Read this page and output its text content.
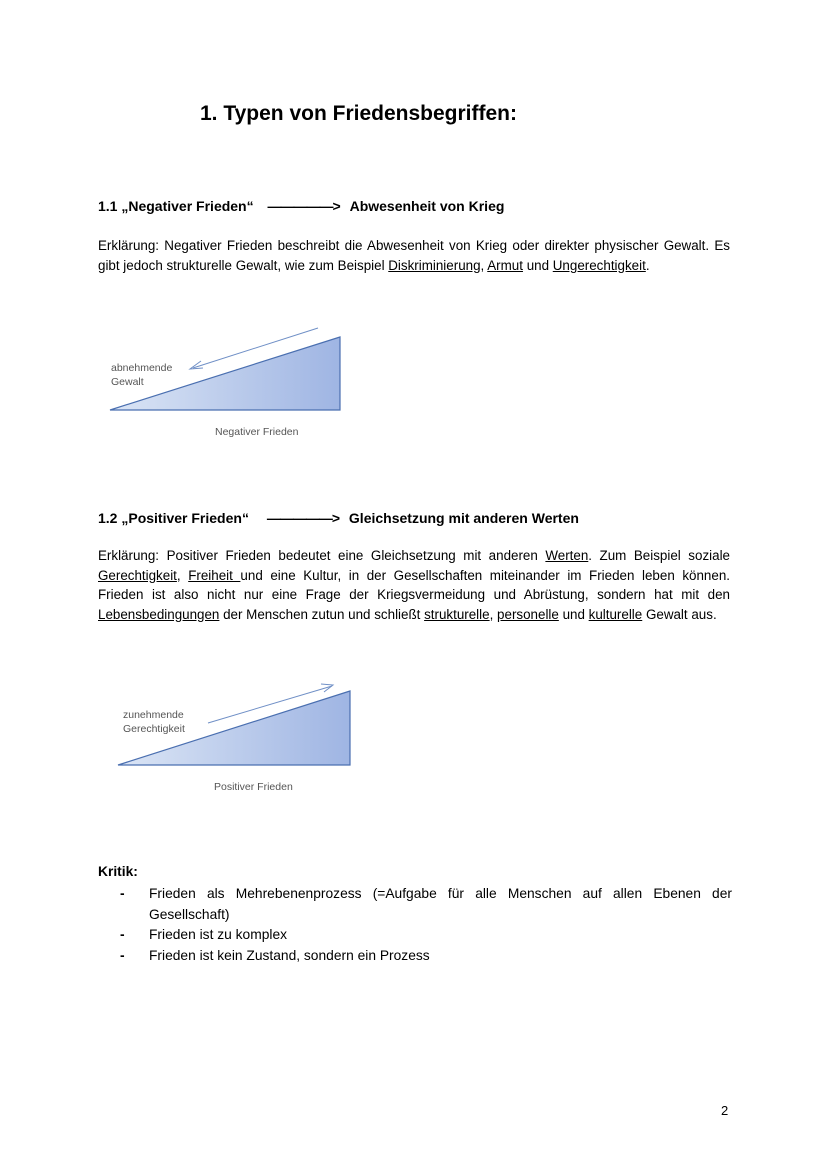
1. Typen von Friedensbegriffen:
1.1 „Negativer Frieden“ —————> Abwesenheit von Krieg
Erklärung: Negativer Frieden beschreibt die Abwesenheit von Krieg oder direkter physischer Gewalt. Es gibt jedoch strukturelle Gewalt, wie zum Beispiel Diskriminierung, Armut und Ungerechtigkeit.
abnehmende
Gewalt
Negativer Frieden
1.2 „Positiver Frieden“ —————> Gleichsetzung mit anderen Werten
Erklärung: Positiver Frieden bedeutet eine Gleichsetzung mit anderen Werten. Zum Beispiel soziale Gerechtigkeit, Freiheit und eine Kultur, in der Gesellschaften miteinander im Frieden leben können. Frieden ist also nicht nur eine Frage der Kriegsvermeidung und Abrüstung, sondern hat mit den Lebensbedingungen der Menschen zutun und schließt strukturelle, personelle und kulturelle Gewalt aus.
zunehmende
Gerechtigkeit
Positiver Frieden
Kritik:
- Frieden als Mehrebenenprozess (=Aufgabe für alle Menschen auf allen Ebenen der Gesellschaft)
- Frieden ist zu komplex
- Frieden ist kein Zustand, sondern ein Prozess
2
